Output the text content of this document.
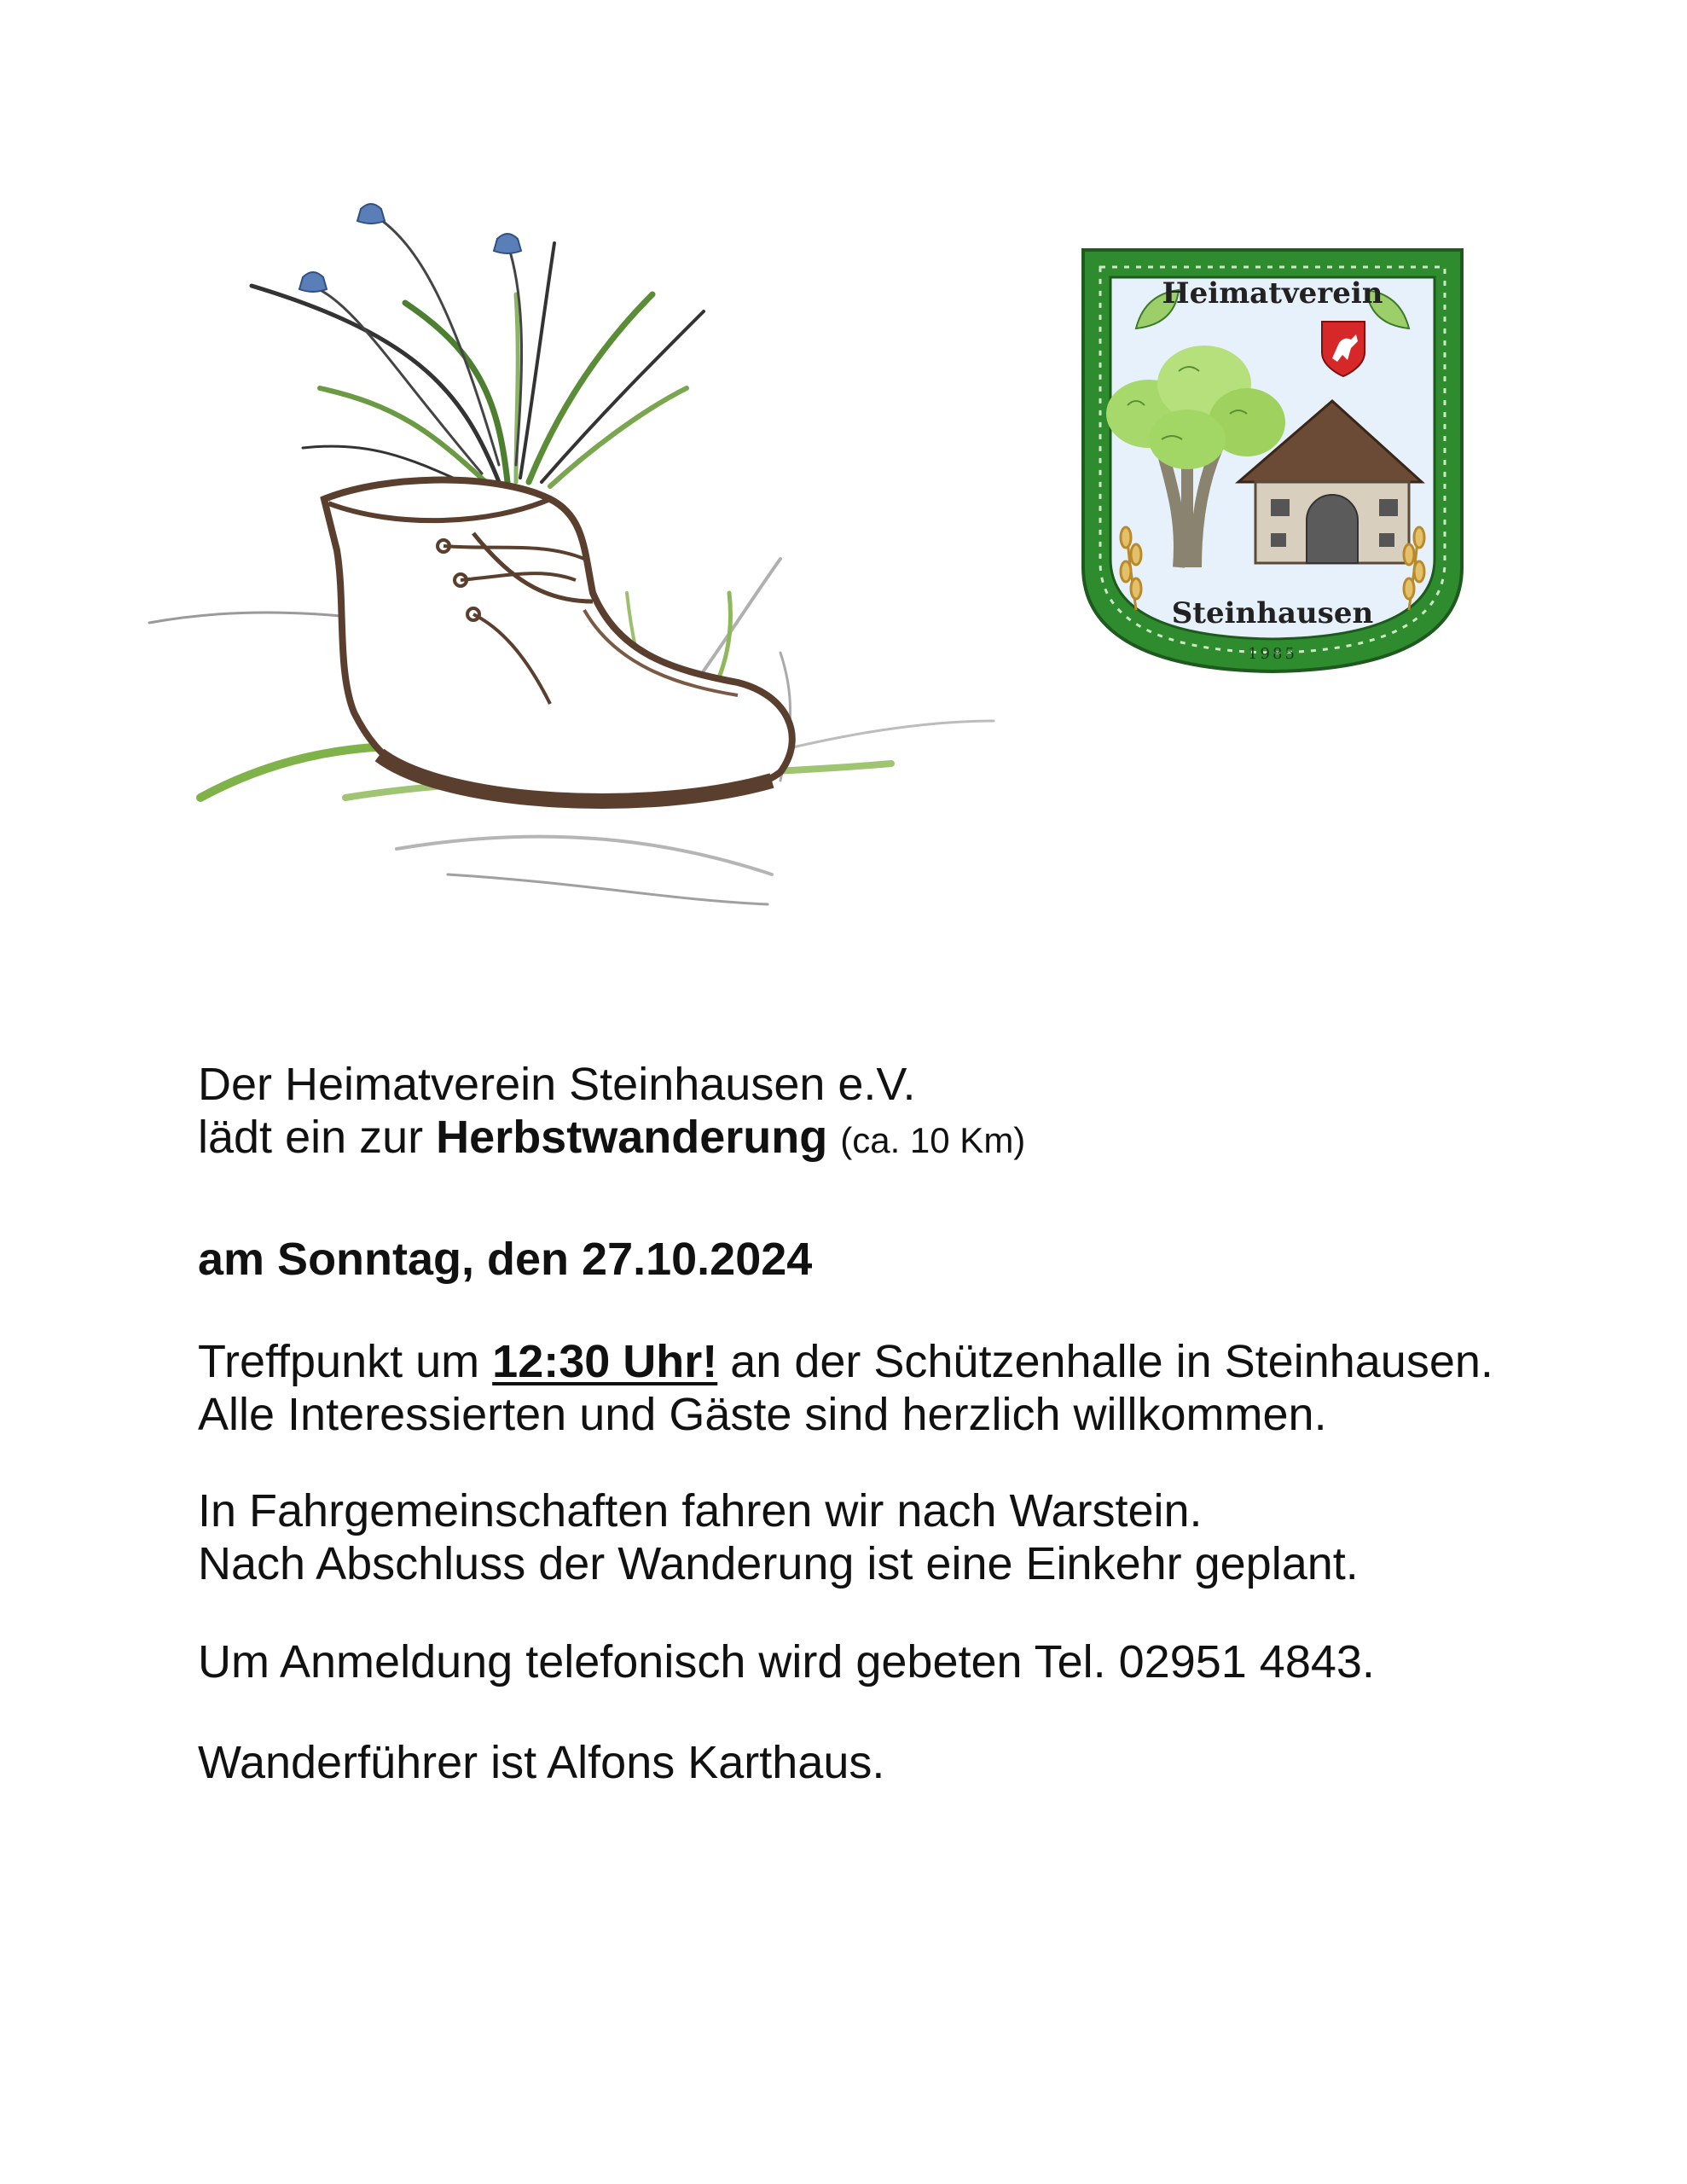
Heimatverein
Steinhausen
1985
Der Heimatverein Steinhausen e.V.
lädt ein zur Herbstwanderung (ca. 10 Km)
am Sonntag, den 27.10.2024
Treffpunkt um 12:30 Uhr! an der Schützenhalle in Steinhausen.
Alle Interessierten und Gäste sind herzlich willkommen.
In Fahrgemeinschaften fahren wir nach Warstein.
Nach Abschluss der Wanderung ist eine Einkehr geplant.
Um Anmeldung telefonisch wird gebeten Tel. 02951 4843.
Wanderführer ist Alfons Karthaus.
